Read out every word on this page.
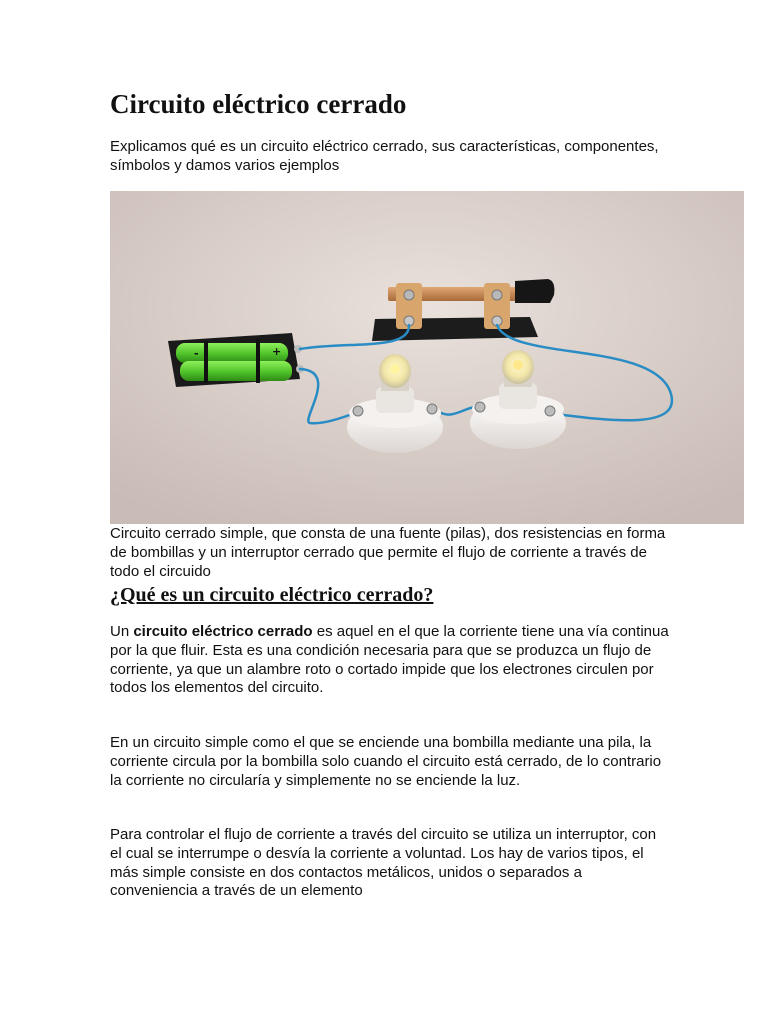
Circuito eléctrico cerrado

Explicamos qué es un circuito eléctrico cerrado, sus características, componentes, símbolos y damos varios ejemplos

+
-

Circuito cerrado simple, que consta de una fuente (pilas), dos resistencias en forma de bombillas y un interruptor cerrado que permite el flujo de corriente a través de todo el circuido

¿Qué es un circuito eléctrico cerrado?

Un circuito eléctrico cerrado es aquel en el que la corriente tiene una vía continua por la que fluir. Esta es una condición necesaria para que se produzca un flujo de corriente, ya que un alambre roto o cortado impide que los electrones circulen por todos los elementos del circuito.

En un circuito simple como el que se enciende una bombilla mediante una pila, la corriente circula por la bombilla solo cuando el circuito está cerrado, de lo contrario la corriente no circularía y simplemente no se enciende la luz.

Para controlar el flujo de corriente a través del circuito se utiliza un interruptor, con el cual se interrumpe o desvía la corriente a voluntad. Los hay de varios tipos, el más simple consiste en dos contactos metálicos, unidos o separados a conveniencia a través de un elemento
